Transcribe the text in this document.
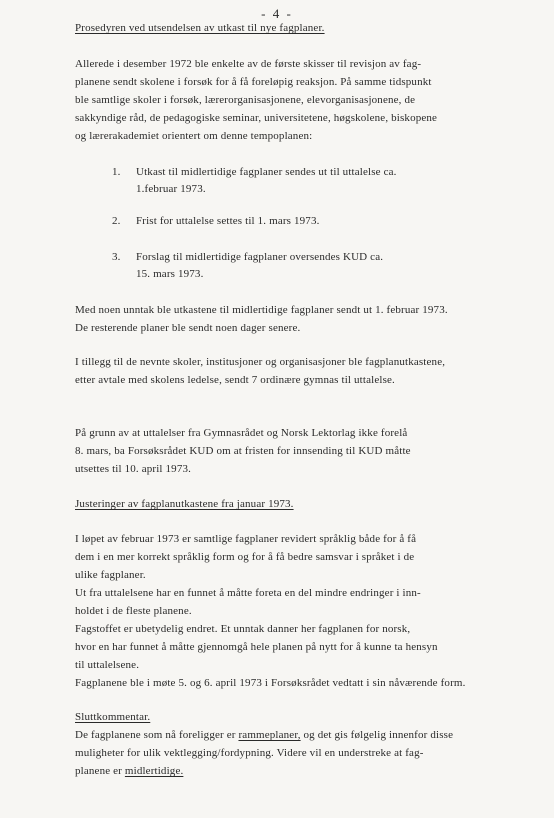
- 4 -
Prosedyren ved utsendelsen av utkast til nye fagplaner.
Allerede i desember 1972 ble enkelte av de første skisser til revisjon av fag-
planene sendt skolene i forsøk for å få foreløpig reaksjon. På samme tidspunkt
ble samtlige skoler i forsøk, lærerorganisasjonene, elevorganisasjonene, de
sakkyndige råd, de pedagogiske seminar, universitetene, høgskolene, biskopene
og lærerakademiet orientert om denne tempoplanen:
1. Utkast til midlertidige fagplaner sendes ut til uttalelse ca.
1.februar 1973.
2. Frist for uttalelse settes til 1. mars 1973.
3. Forslag til midlertidige fagplaner oversendes KUD ca.
15. mars 1973.
Med noen unntak ble utkastene til midlertidige fagplaner sendt ut 1. februar 1973.
De resterende planer ble sendt noen dager senere.
I tillegg til de nevnte skoler, institusjoner og organisasjoner ble fagplanutkastene,
etter avtale med skolens ledelse, sendt 7 ordinære gymnas til uttalelse.
På grunn av at uttalelser fra Gymnasrådet og Norsk Lektorlag ikke forelå
8. mars, ba Forsøksrådet KUD om at fristen for innsending til KUD måtte
utsettes til 10. april 1973.
Justeringer av fagplanutkastene fra januar 1973.
I løpet av februar 1973 er samtlige fagplaner revidert språklig både for å få
dem i en mer korrekt språklig form og for å få bedre samsvar i språket i de
ulike fagplaner.
Ut fra uttalelsene har en funnet å måtte foreta en del mindre endringer i inn-
holdet i de fleste planene.
Fagstoffet er ubetydelig endret. Et unntak danner her fagplanen for norsk,
hvor en har funnet å måtte gjennomgå hele planen på nytt for å kunne ta hensyn
til uttalelsene.
Fagplanene ble i møte 5. og 6. april 1973 i Forsøksrådet vedtatt i sin nåværende form.
Sluttkommentar.
De fagplanene som nå foreligger er rammeplaner, og det gis følgelig innenfor disse
muligheter for ulik vektlegging/fordypning. Videre vil en understreke at fag-
planene er midlertidige.
